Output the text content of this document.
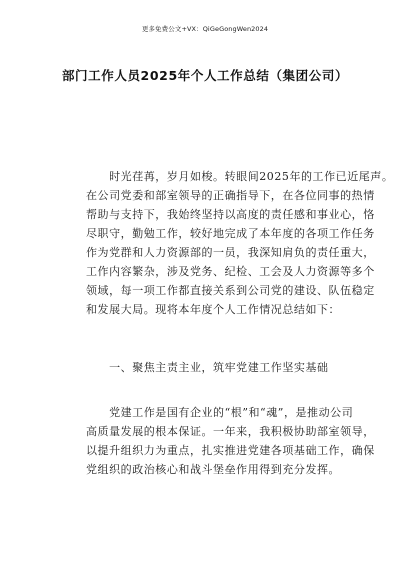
更多免费公文+VX：QiGeGongWen2024
部门工作人员2025年个人工作总结（集团公司）
　　时光荏苒，岁月如梭。转眼间2025年的工作已近尾声。
在公司党委和部室领导的正确指导下，在各位同事的热情
帮助与支持下，我始终坚持以高度的责任感和事业心，恪
尽职守，勤勉工作，较好地完成了本年度的各项工作任务
作为党群和人力资源部的一员，我深知肩负的责任重大，
工作内容繁杂，涉及党务、纪检、工会及人力资源等多个
领域，每一项工作都直接关系到公司党的建设、队伍稳定
和发展大局。现将本年度个人工作情况总结如下：
　　一、聚焦主责主业，筑牢党建工作坚实基础
　　党建工作是国有企业的“根”和“魂”，是推动公司
高质量发展的根本保证。一年来，我积极协助部室领导，
以提升组织力为重点，扎实推进党建各项基础工作，确保
党组织的政治核心和战斗堡垒作用得到充分发挥。
